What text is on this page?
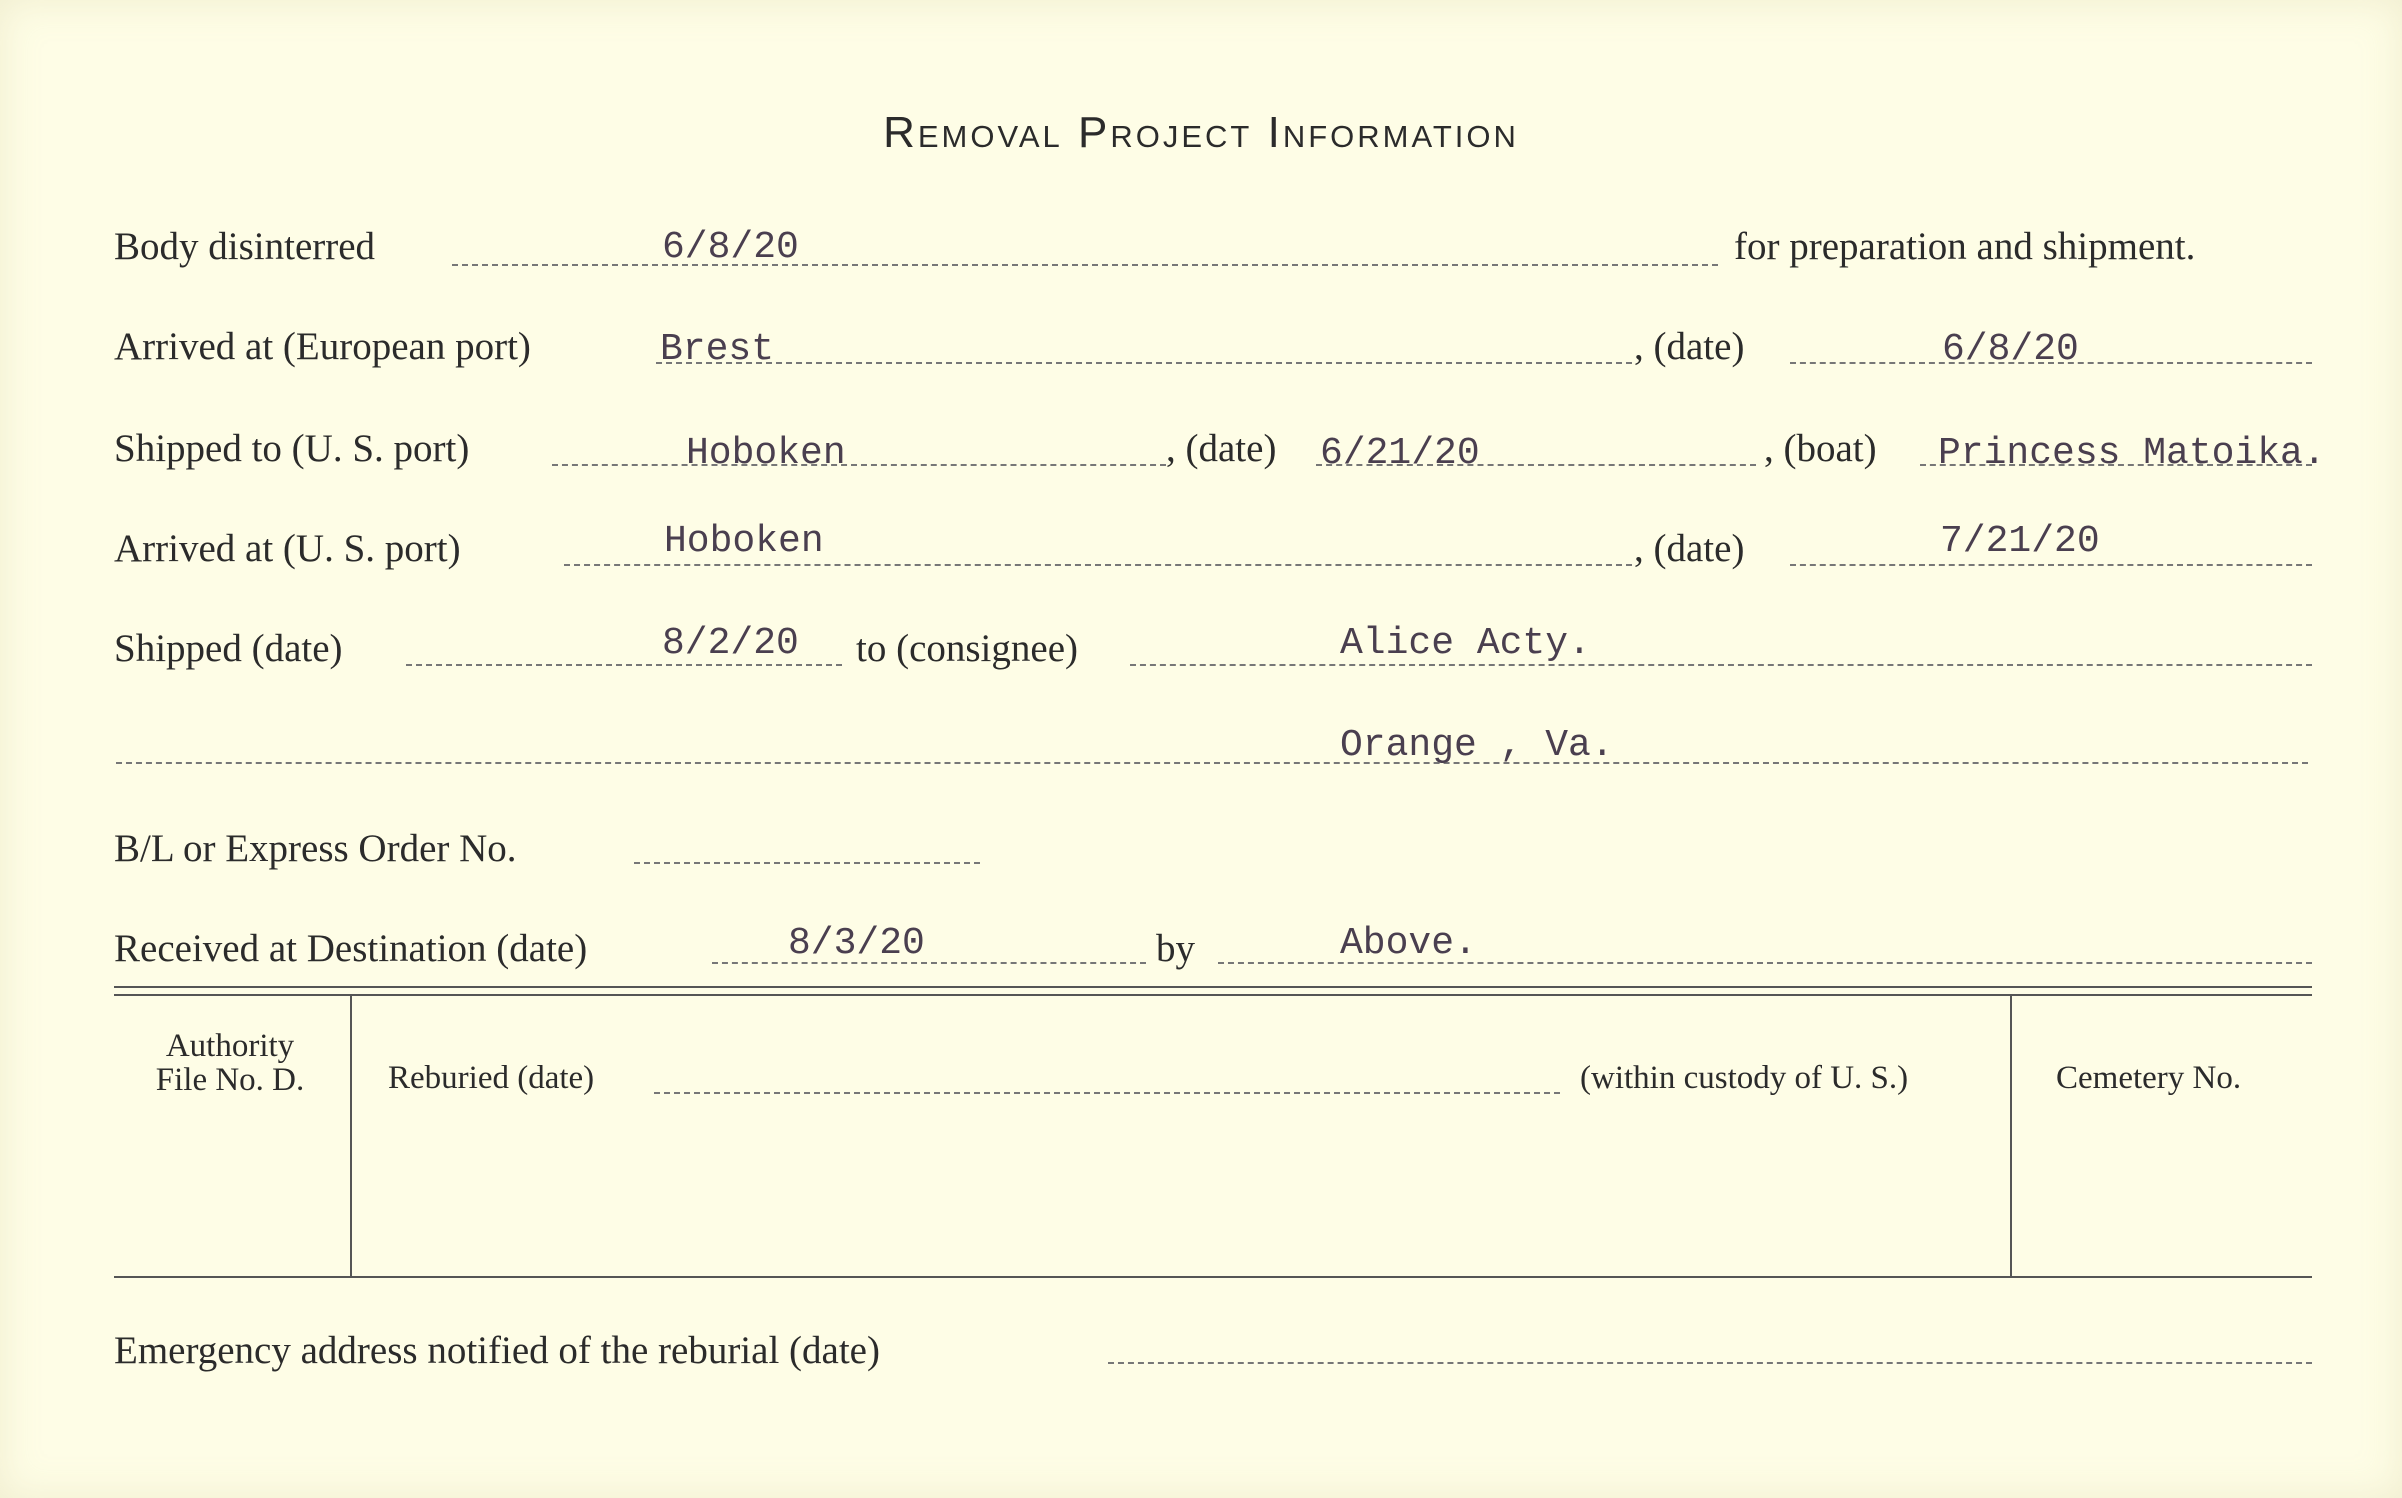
Removal Project Information
Body disinterred	6/8/20	for preparation and shipment.
Arrived at (European port)	Brest	, (date)	6/8/20
Shipped to (U. S. port)	Hoboken	, (date) 6/21/20	, (boat) Princess Matoika.
Arrived at (U. S. port)	Hoboken	, (date)	7/21/20
Shipped (date)	8/2/20 to (consignee)	Alice Acty.
Orange , Va.
B/L or Express Order No.
Received at Destination (date)	8/3/20	by	Above.
Authority
File No. D.	Reburied (date)	(within custody of U. S.)	Cemetery No.
Emergency address notified of the reburial (date)
